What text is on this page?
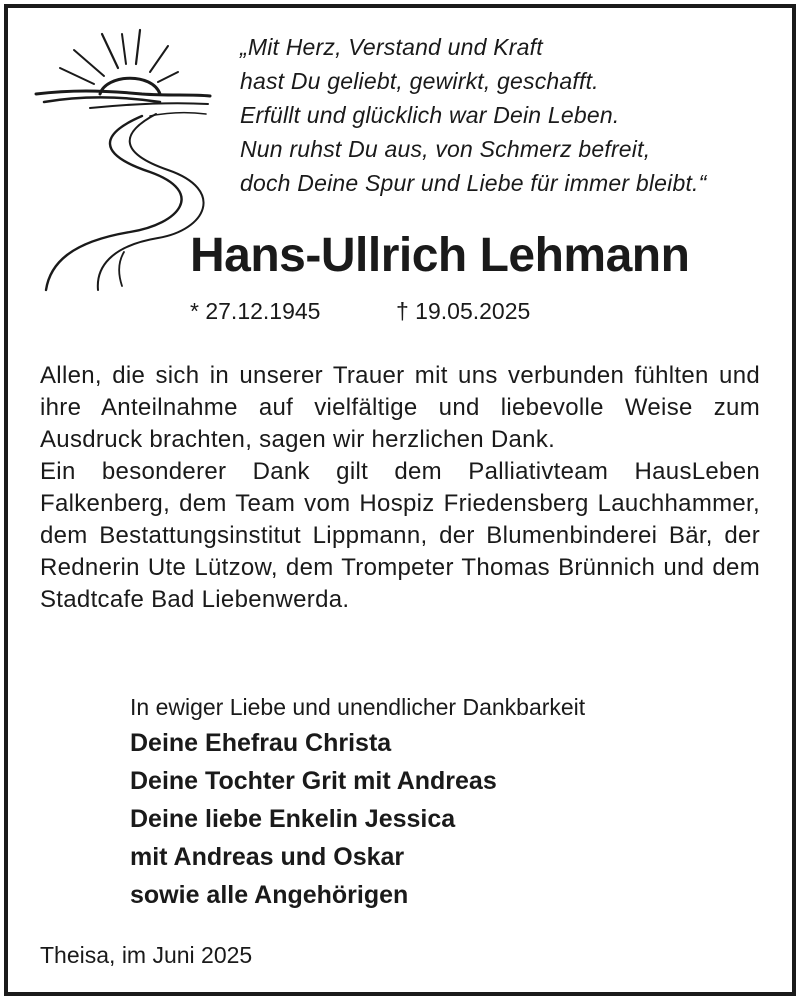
„Mit Herz, Verstand und Kraft
hast Du geliebt, gewirkt, geschafft.
Erfüllt und glücklich war Dein Leben.
Nun ruhst Du aus, von Schmerz befreit,
doch Deine Spur und Liebe für immer bleibt.“
Hans-Ullrich Lehmann
* 27.12.1945	† 19.05.2025
Allen, die sich in unserer Trauer mit uns verbunden fühlten und ihre Anteilnahme auf vielfältige und liebevolle Weise zum Ausdruck brachten, sagen wir herzlichen Dank.
Ein besonderer Dank gilt dem Palliativteam HausLeben Falkenberg, dem Team vom Hospiz Friedensberg Lauchhammer, dem Bestattungsinstitut Lippmann, der Blumenbinderei Bär, der Rednerin Ute Lützow, dem Trompeter Thomas Brünnich und dem Stadtcafe Bad Liebenwerda.
In ewiger Liebe und unendlicher Dankbarkeit
Deine Ehefrau Christa
Deine Tochter Grit mit Andreas
Deine liebe Enkelin Jessica
mit Andreas und Oskar
sowie alle Angehörigen
Theisa, im Juni 2025
